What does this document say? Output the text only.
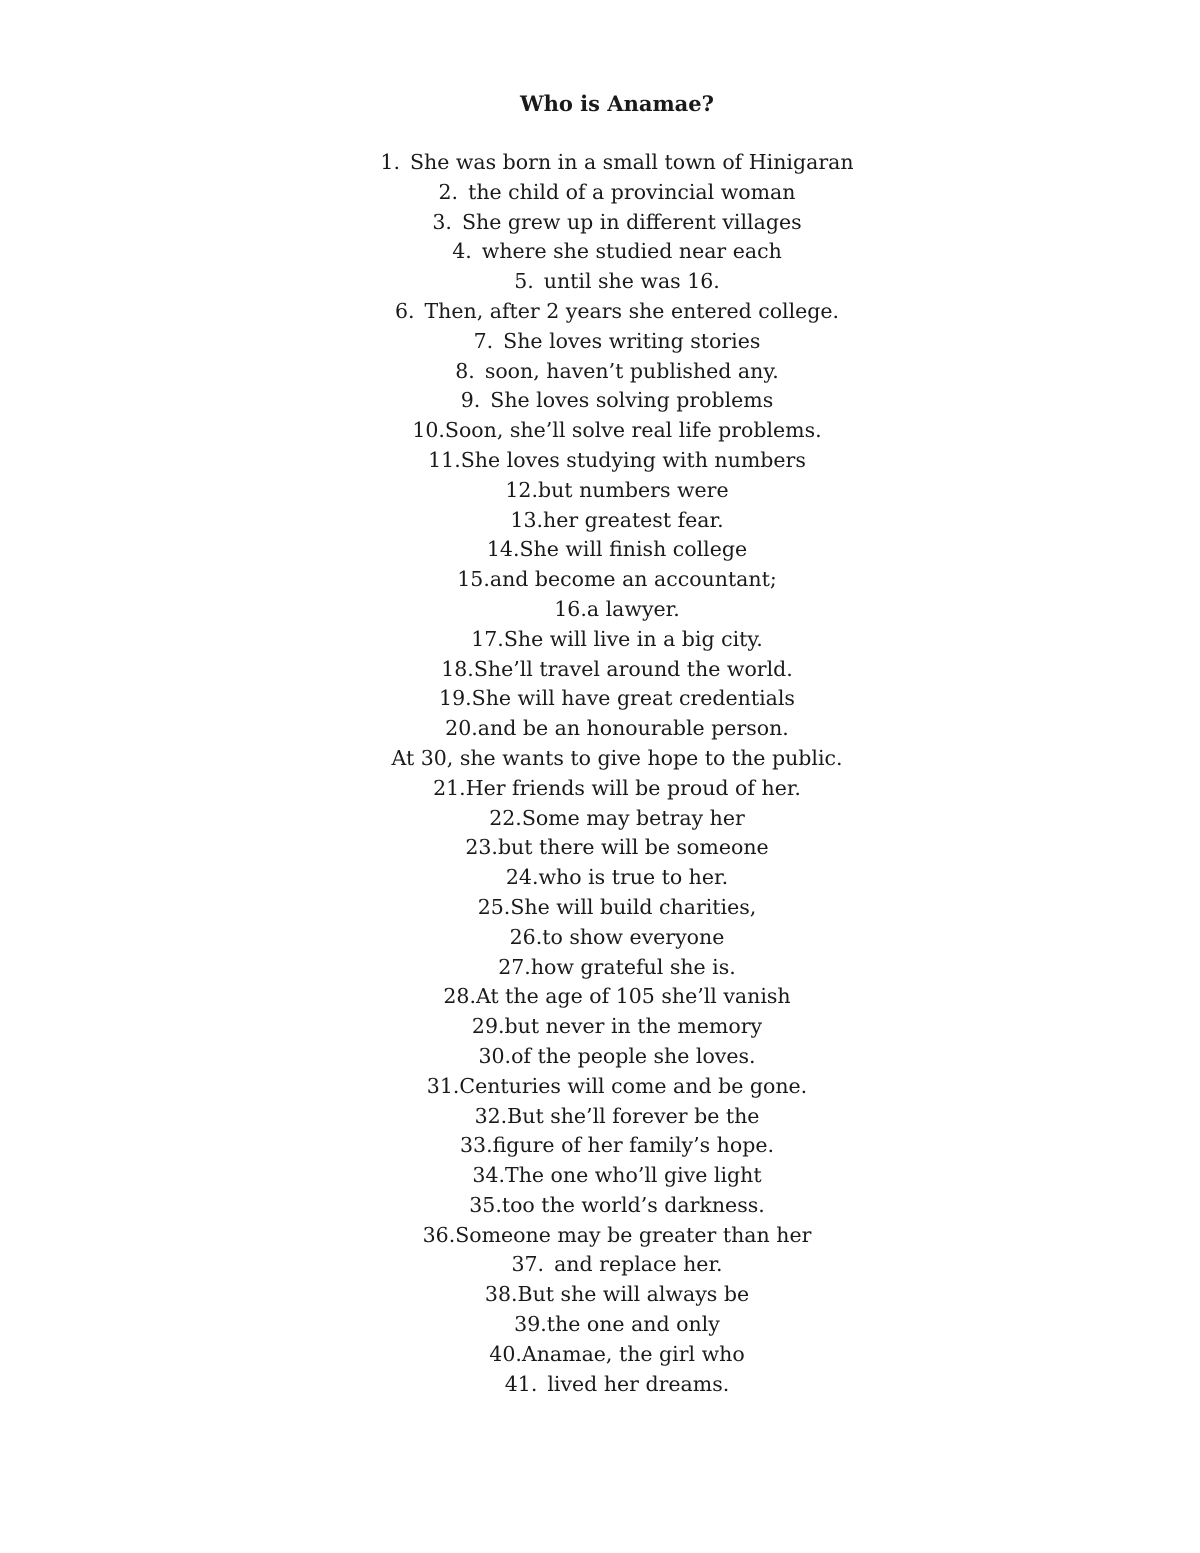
Who is Anamae?
1. She was born in a small town of Hinigaran
2. the child of a provincial woman
3. She grew up in different villages
4. where she studied near each
5. until she was 16.
6. Then, after 2 years she entered college.
7. She loves writing stories
8. soon, haven’t published any.
9. She loves solving problems
10.Soon, she’ll solve real life problems.
11.She loves studying with numbers
12.but numbers were
13.her greatest fear.
14.She will finish college
15.and become an accountant;
16.a lawyer.
17.She will live in a big city.
18.She’ll travel around the world.
19.She will have great credentials
20.and be an honourable person.
At 30, she wants to give hope to the public.
21.Her friends will be proud of her.
22.Some may betray her
23.but there will be someone
24.who is true to her.
25.She will build charities,
26.to show everyone
27.how grateful she is.
28.At the age of 105 she’ll vanish
29.but never in the memory
30.of the people she loves.
31.Centuries will come and be gone.
32.But she’ll forever be the
33.figure of her family’s hope.
34.The one who’ll give light
35.too the world’s darkness.
36.Someone may be greater than her
37. and replace her.
38.But she will always be
39.the one and only
40.Anamae, the girl who
41. lived her dreams.
